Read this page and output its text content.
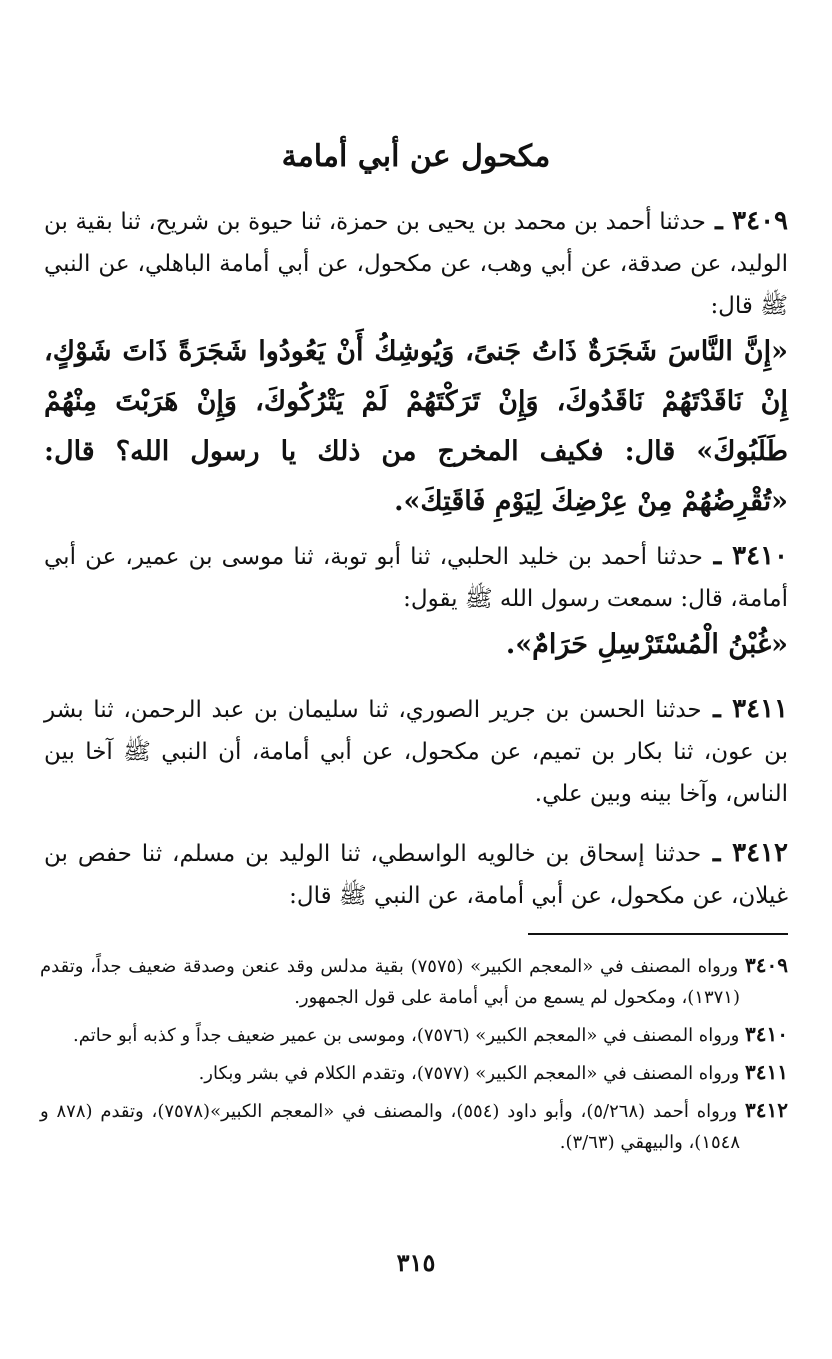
مكحول عن أبي أمامة
٣٤٠٩ ـ حدثنا أحمد بن محمد بن يحيى بن حمزة، ثنا حيوة بن شريح، ثنا بقية بن الوليد، عن صدقة، عن أبي وهب، عن مكحول، عن أبي أمامة الباهلي، عن النبي ﷺ قال:
«إِنَّ النَّاسَ شَجَرَةٌ ذَاتُ جَنىً، وَيُوشِكُ أَنْ يَعُودُوا شَجَرَةً ذَاتَ شَوْكٍ، إِنْ نَاقَدْتَهُمْ نَاقَدُوكَ، وَإِنْ تَرَكْتَهُمْ لَمْ يَتْرُكُوكَ، وَإِنْ هَرَبْتَ مِنْهُمْ طَلَبُوكَ» قال: فكيف المخرج من ذلك يا رسول الله؟ قال: «تُقْرِضُهُمْ مِنْ عِرْضِكَ لِيَوْمِ فَاقَتِكَ».
٣٤١٠ ـ حدثنا أحمد بن خليد الحلبي، ثنا أبو توبة، ثنا موسى بن عمير، عن أبي أمامة، قال: سمعت رسول الله ﷺ يقول:
«غُبْنُ الْمُسْتَرْسِلِ حَرَامٌ».
٣٤١١ ـ حدثنا الحسن بن جرير الصوري، ثنا سليمان بن عبد الرحمن، ثنا بشر بن عون، ثنا بكار بن تميم، عن مكحول، عن أبي أمامة، أن النبي ﷺ آخا بين الناس، وآخا بينه وبين علي.
٣٤١٢ ـ حدثنا إسحاق بن خالويه الواسطي، ثنا الوليد بن مسلم، ثنا حفص بن غيلان، عن مكحول، عن أبي أمامة، عن النبي ﷺ قال:

٣٤٠٩ ورواه المصنف في «المعجم الكبير» (٧٥٧٥) بقية مدلس وقد عنعن وصدقة ضعيف جداً، وتقدم (١٣٧١)، ومكحول لم يسمع من أبي أمامة على قول الجمهور.

٣٤١٠ ورواه المصنف في «المعجم الكبير» (٧٥٧٦)، وموسى بن عمير ضعيف جداً و كذبه أبو حاتم.

٣٤١١ ورواه المصنف في «المعجم الكبير» (٧٥٧٧)، وتقدم الكلام في بشر وبكار.

٣٤١٢ ورواه أحمد (٥/٢٦٨)، وأبو داود (٥٥٤)، والمصنف في «المعجم الكبير»(٧٥٧٨)، وتقدم (٨٧٨ و ١٥٤٨)، والبيهقي (٣/٦٣).

٣١٥
